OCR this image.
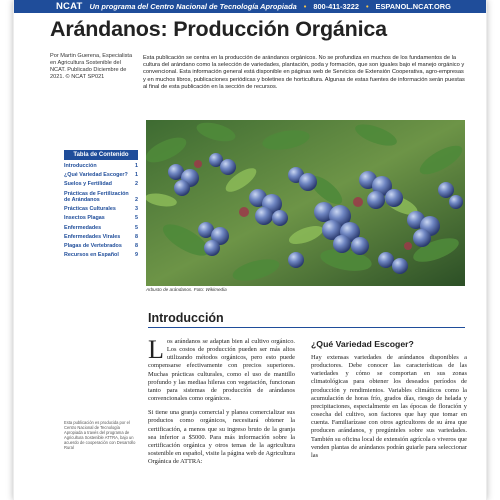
NCAT Un programa del Centro Nacional de Tecnología Apropiada • 800-411-3222 • ESPANOL.NCAT.ORG
Arándanos: Producción Orgánica
Por Martin Guerena, Especialista en Agricultura Sostenible del NCAT. Publicado Diciembre de 2021. © NCAT SP021
Esta publicación se centra en la producción de arándanos orgánicos. No se profundiza en muchos de los fundamentos de la cultura del arándano como la selección de variedades, plantación, poda y formación, que son iguales bajo el manejo orgánico y convencional. Esta información general está disponible en páginas web de Servicios de Extensión Cooperativa, agro-empresas y en muchos libros, publicaciones periódicas y boletines de horticultura. Algunas de estas fuentes de información serán puestas al final de esta publicación en la sección de recursos.
Arbusto de arándanos. Foto: Wikimedia
Tabla de Contenido
Introducción	1
¿Qué Variedad Escoger?	1
Suelos y Fertilidad	2
Prácticas de Fertilización de Arándanos	2
Prácticas Culturales	3
Insectos Plagas	5
Enfermedades	5
Enfermedades Virales	8
Plagas de Vertebrados	8
Recursos en Español	9
Esta publicación es producida por el Centro Nacional de Tecnología Apropiada a través del programa de Agricultura Sostenible ATTRA, bajo un acuerdo de cooperación con Desarrollo Rural
Introducción

Los arándanos se adaptan bien al cultivo orgánico. Los costos de producción pueden ser más altos utilizando métodos orgánicos, pero esto puede compensarse efectivamente con precios superiores. Muchas prácticas culturales, como el uso de mantillo profundo y las mediaa hileras con vegetación, funcionan tanto para sistemas de producción de arándanos convencionales como orgánicos.

Si tiene una granja comercial y planea comercializar sus productos como orgánicos, necesitará obtener la certificación, a menos que su ingreso bruto de la granja sea inferior a $5000. Para más información sobre la certificación orgánica y otros temas de la agricultura sostenible en español, visite la página web de Agricultura Orgánica de ATTRA:

¿Qué Variedad Escoger?
Hay extensas variedades de arándanos disponibles a productores. Debe conocer las características de las variedades y cómo se comportan en sus zonas climatológicas para obtener los deseados períodos de producción y rendimientos. Variables climáticos como la acumulación de horas frío, grados días, riesgo de helada y precipitaciones, especialmente en las épocas de floración y cosecha del cultivo, son factores que hay que tomar en cuenta. Familiarízase con otros agricultores de su área que producen arándanos, y pregúnteles sobre sus variedades. También su oficina local de extensión agrícola o viveros que venden plantas de arándanos podrán guiarle para seleccionar las
